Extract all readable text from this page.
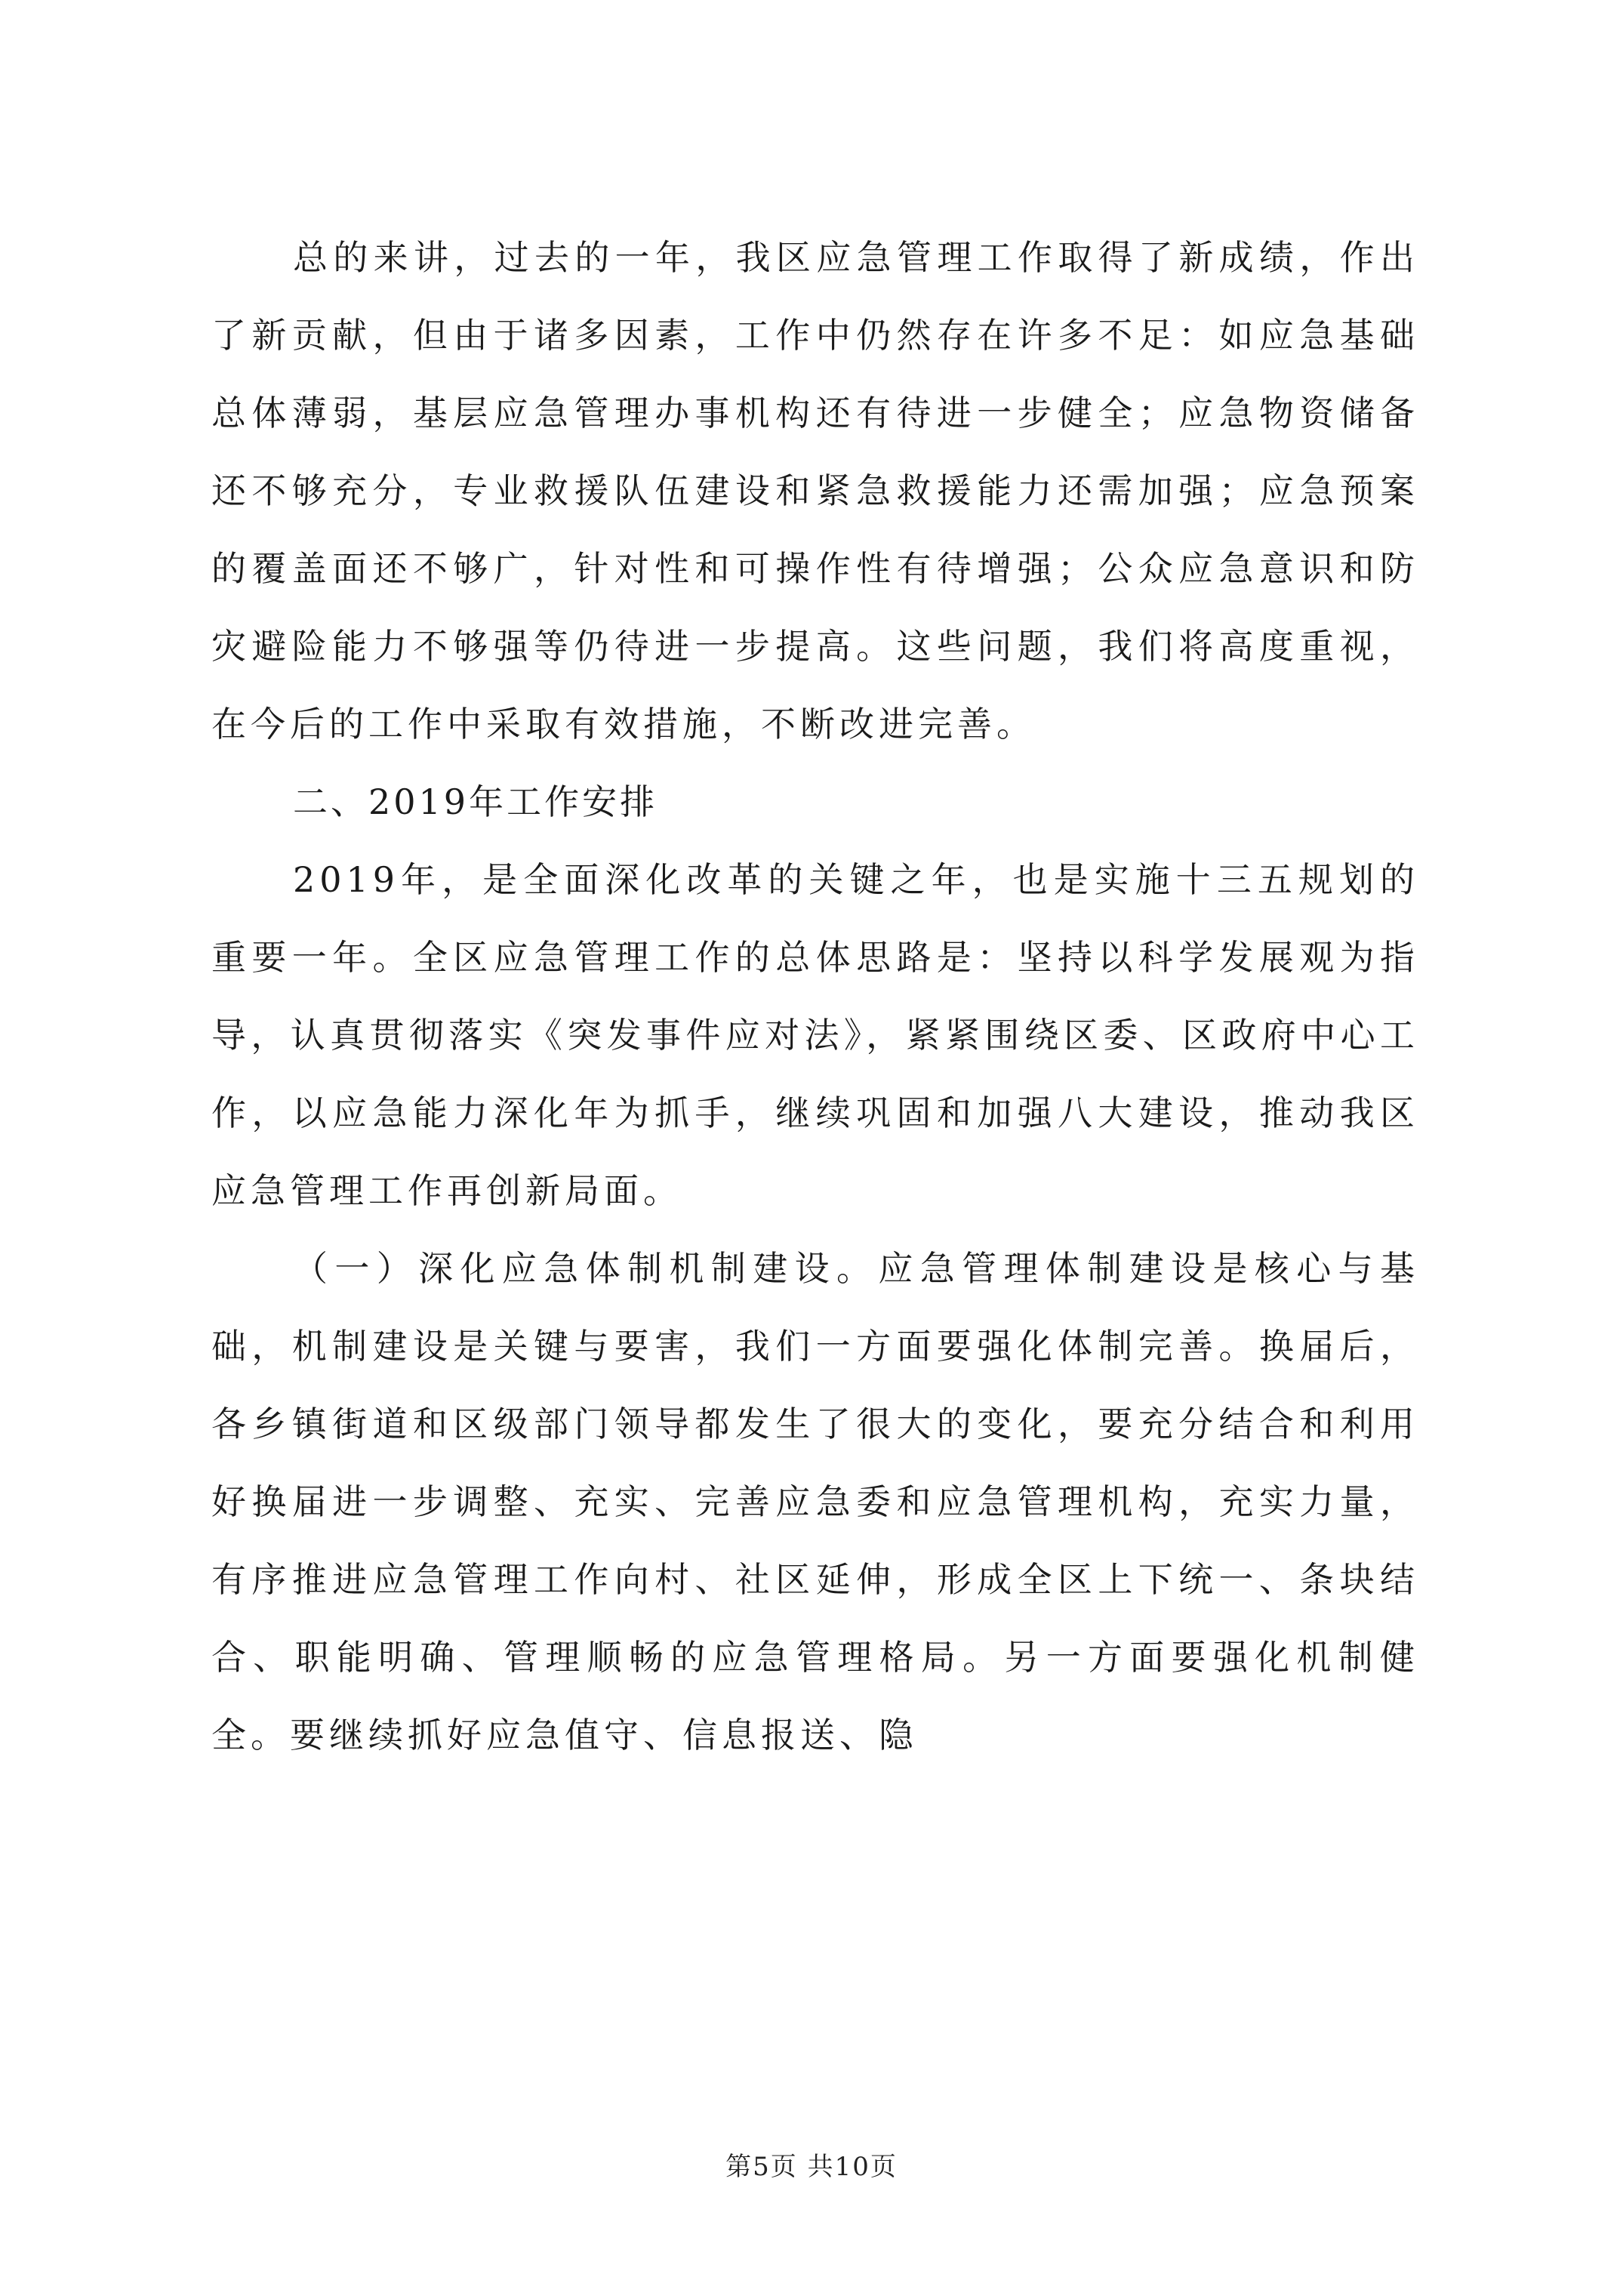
总的来讲，过去的一年，我区应急管理工作取得了新成绩，作出了新贡献，但由于诸多因素，工作中仍然存在许多不足：如应急基础总体薄弱，基层应急管理办事机构还有待进一步健全；应急物资储备还不够充分，专业救援队伍建设和紧急救援能力还需加强；应急预案的覆盖面还不够广，针对性和可操作性有待增强；公众应急意识和防灾避险能力不够强等仍待进一步提高。这些问题，我们将高度重视，在今后的工作中采取有效措施，不断改进完善。

二、2019年工作安排

2019年，是全面深化改革的关键之年，也是实施十三五规划的重要一年。全区应急管理工作的总体思路是：坚持以科学发展观为指导，认真贯彻落实《突发事件应对法》，紧紧围绕区委、区政府中心工作，以应急能力深化年为抓手，继续巩固和加强八大建设，推动我区应急管理工作再创新局面。

（一）深化应急体制机制建设。应急管理体制建设是核心与基础，机制建设是关键与要害，我们一方面要强化体制完善。换届后，各乡镇街道和区级部门领导都发生了很大的变化，要充分结合和利用好换届进一步调整、充实、完善应急委和应急管理机构，充实力量，有序推进应急管理工作向村、社区延伸，形成全区上下统一、条块结合、职能明确、管理顺畅的应急管理格局。另一方面要强化机制健全。要继续抓好应急值守、信息报送、隐

第5页 共10页
